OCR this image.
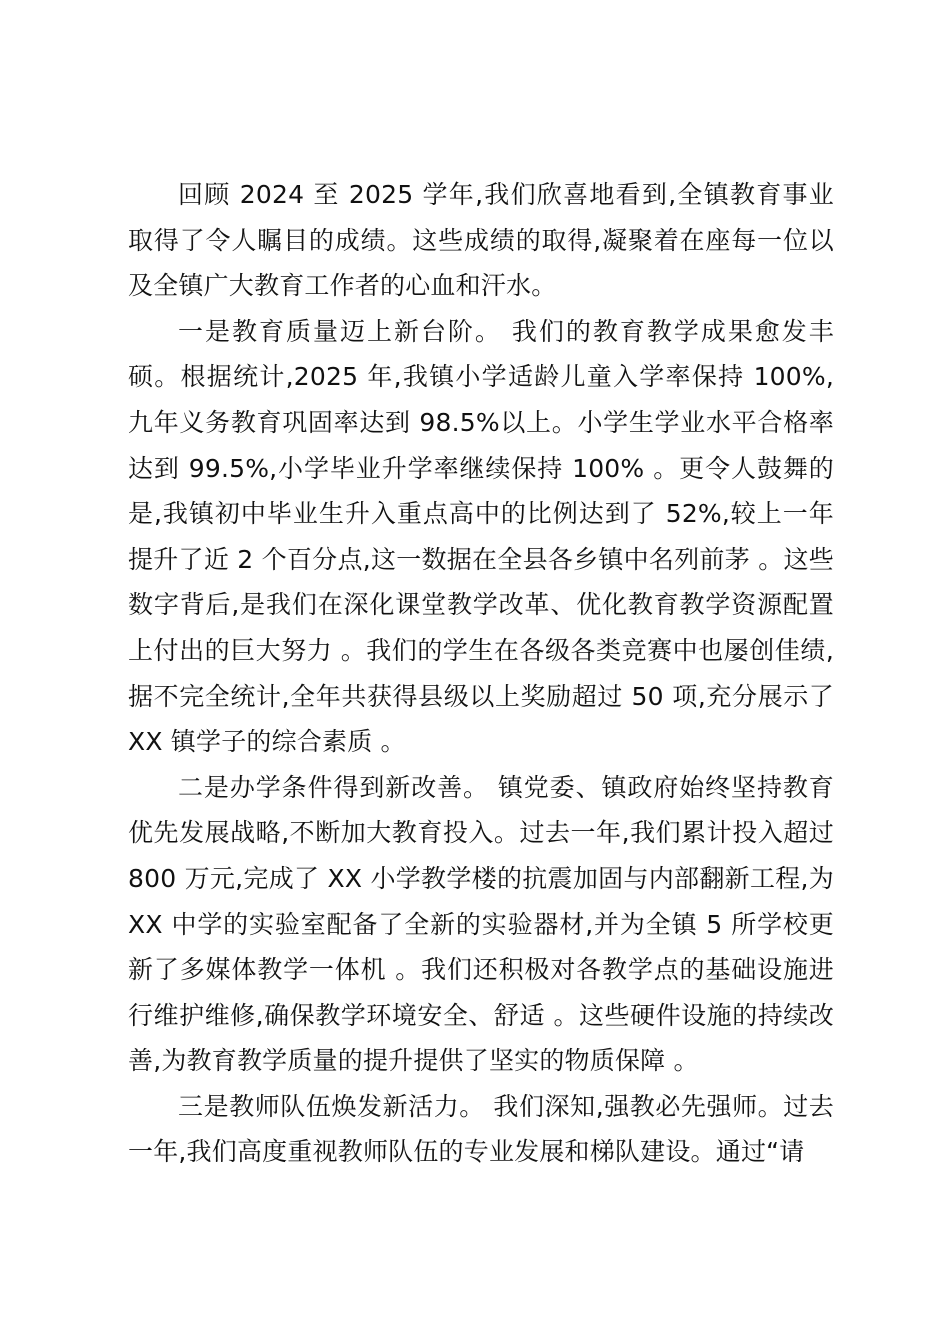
回顾 2024 至 2025 学年,我们欣喜地看到,全镇教育事业取得了令人瞩目的成绩。这些成绩的取得,凝聚着在座每一位以及全镇广大教育工作者的心血和汗水。

一是教育质量迈上新台阶。 我们的教育教学成果愈发丰硕。根据统计,2025 年,我镇小学适龄儿童入学率保持 100%,九年义务教育巩固率达到 98.5%以上。小学生学业水平合格率达到 99.5%,小学毕业升学率继续保持 100% 。更令人鼓舞的是,我镇初中毕业生升入重点高中的比例达到了 52%,较上一年提升了近 2 个百分点,这一数据在全县各乡镇中名列前茅 。这些数字背后,是我们在深化课堂教学改革、优化教育教学资源配置上付出的巨大努力 。我们的学生在各级各类竞赛中也屡创佳绩,据不完全统计,全年共获得县级以上奖励超过 50 项,充分展示了 XX 镇学子的综合素质 。

二是办学条件得到新改善。 镇党委、镇政府始终坚持教育优先发展战略,不断加大教育投入。过去一年,我们累计投入超过 800 万元,完成了 XX 小学教学楼的抗震加固与内部翻新工程,为 XX 中学的实验室配备了全新的实验器材,并为全镇 5 所学校更新了多媒体教学一体机 。我们还积极对各教学点的基础设施进行维护维修,确保教学环境安全、舒适 。这些硬件设施的持续改善,为教育教学质量的提升提供了坚实的物质保障 。

三是教师队伍焕发新活力。 我们深知,强教必先强师。过去一年,我们高度重视教师队伍的专业发展和梯队建设。通过“请
